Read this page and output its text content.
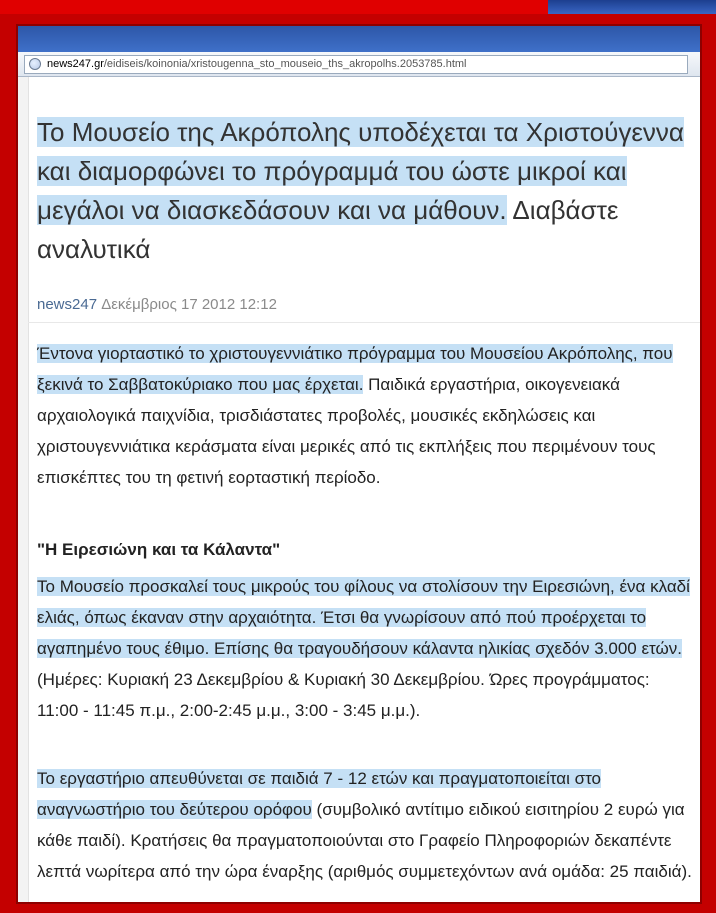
news247.gr/eidiseis/koinonia/xristougenna_sto_mouseio_ths_akropolhs.2053785.html
Το Μουσείο της Ακρόπολης υποδέχεται τα Χριστούγεννα και διαμορφώνει το πρόγραμμά του ώστε μικροί και μεγάλοι να διασκεδάσουν και να μάθουν. Διαβάστε αναλυτικά
news247 Δεκέμβριος 17 2012 12:12

Έντονα γιορταστικό το χριστουγεννιάτικο πρόγραμμα του Μουσείου Ακρόπολης, που ξεκινά το Σαββατοκύριακο που μας έρχεται. Παιδικά εργαστήρια, οικογενειακά αρχαιολογικά παιχνίδια, τρισδιάστατες προβολές, μουσικές εκδηλώσεις και χριστουγεννιάτικα κεράσματα είναι μερικές από τις εκπλήξεις που περιμένουν τους επισκέπτες του τη φετινή εορταστική περίοδο.

"Η Ειρεσιώνη και τα Κάλαντα"

Το Μουσείο προσκαλεί τους μικρούς του φίλους να στολίσουν την Ειρεσιώνη, ένα κλαδί ελιάς, όπως έκαναν στην αρχαιότητα. Έτσι θα γνωρίσουν από πού προέρχεται το αγαπημένο τους έθιμο. Επίσης θα τραγουδήσουν κάλαντα ηλικίας σχεδόν 3.000 ετών. (Ημέρες: Κυριακή 23 Δεκεμβρίου & Κυριακή 30 Δεκεμβρίου. Ώρες προγράμματος: 11:00 - 11:45 π.μ., 2:00-2:45 μ.μ., 3:00 - 3:45 μ.μ.).

Το εργαστήριο απευθύνεται σε παιδιά 7 - 12 ετών και πραγματοποιείται στο αναγνωστήριο του δεύτερου ορόφου (συμβολικό αντίτιμο ειδικού εισιτηρίου 2 ευρώ για κάθε παιδί). Κρατήσεις θα πραγματοποιούνται στο Γραφείο Πληροφοριών δεκαπέντε λεπτά νωρίτερα από την ώρα έναρξης (αριθμός συμμετεχόντων ανά ομάδα: 25 παιδιά).
